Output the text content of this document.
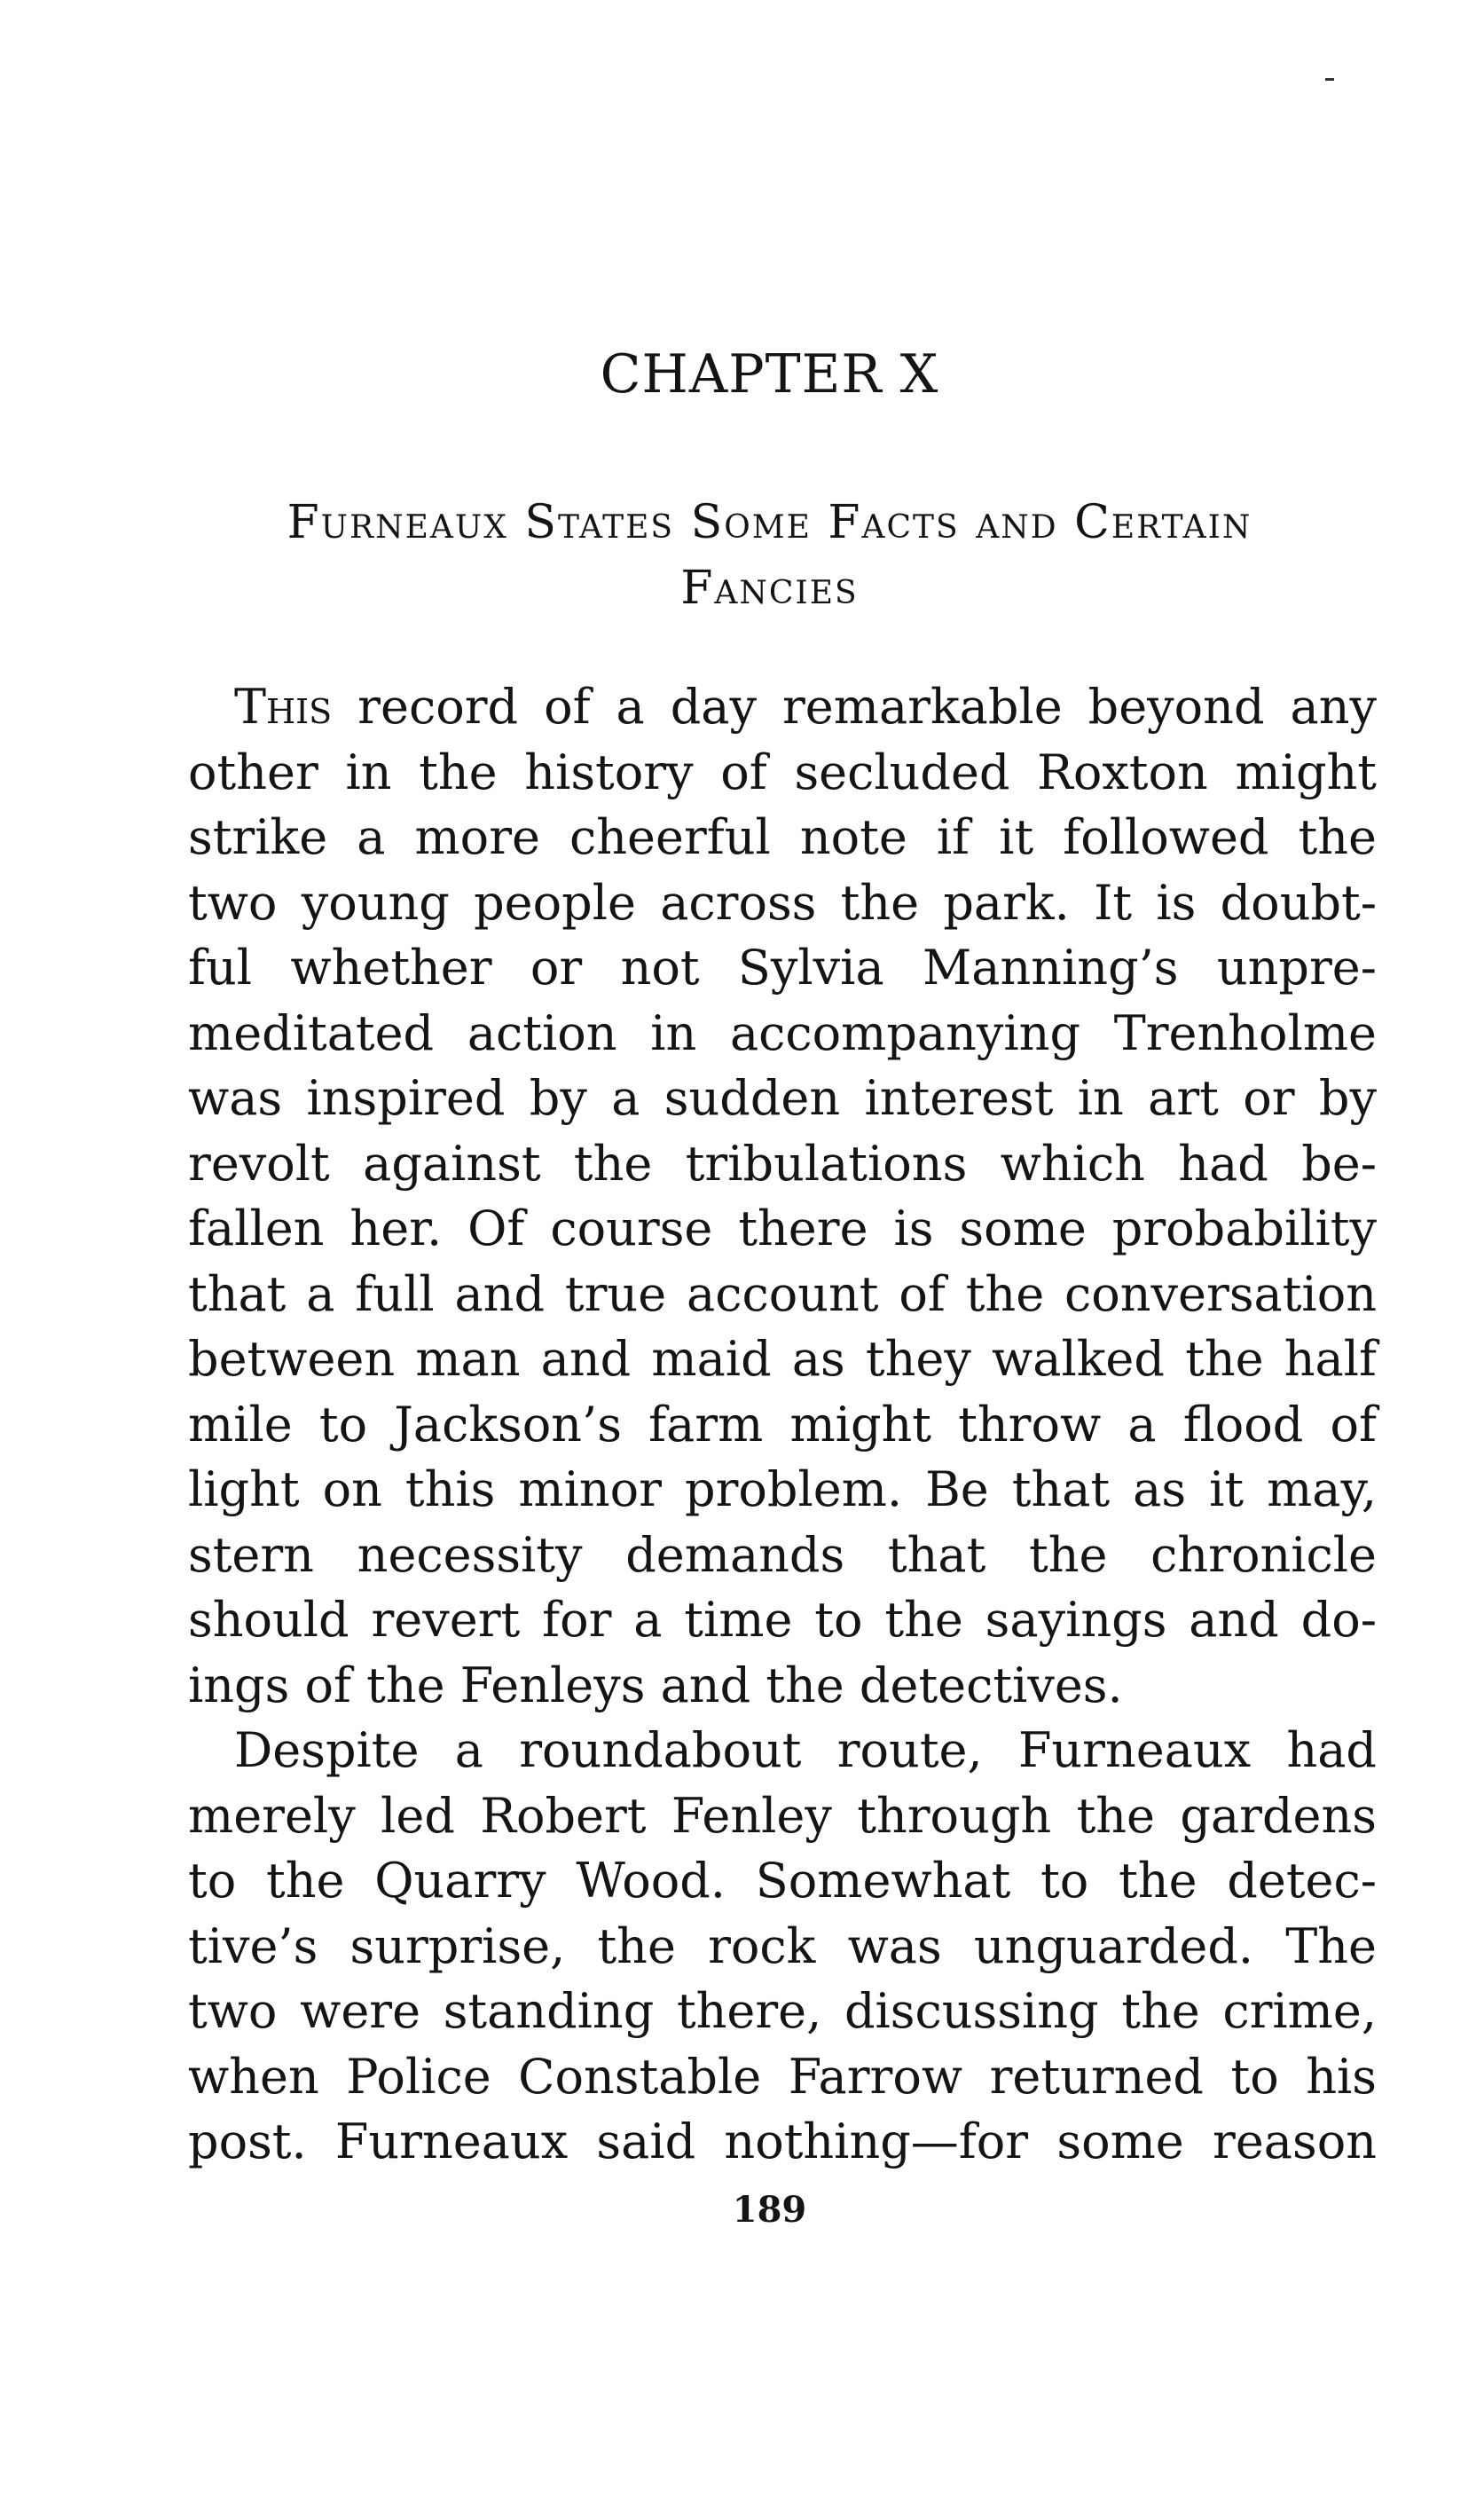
CHAPTER X
Furneaux States Some Facts and Certain
Fancies
This record of a day remarkable beyond any
other in the history of secluded Roxton might
strike a more cheerful note if it followed the
two young people across the park. It is doubt-
ful whether or not Sylvia Manning’s unpre-
meditated action in accompanying Trenholme
was inspired by a sudden interest in art or by
revolt against the tribulations which had be-
fallen her. Of course there is some probability
that a full and true account of the conversation
between man and maid as they walked the half
mile to Jackson’s farm might throw a flood of
light on this minor problem. Be that as it may,
stern necessity demands that the chronicle
should revert for a time to the sayings and do-
ings of the Fenleys and the detectives.
Despite a roundabout route, Furneaux had
merely led Robert Fenley through the gardens
to the Quarry Wood. Somewhat to the detec-
tive’s surprise, the rock was unguarded. The
two were standing there, discussing the crime,
when Police Constable Farrow returned to his
post. Furneaux said nothing—for some reason
189
